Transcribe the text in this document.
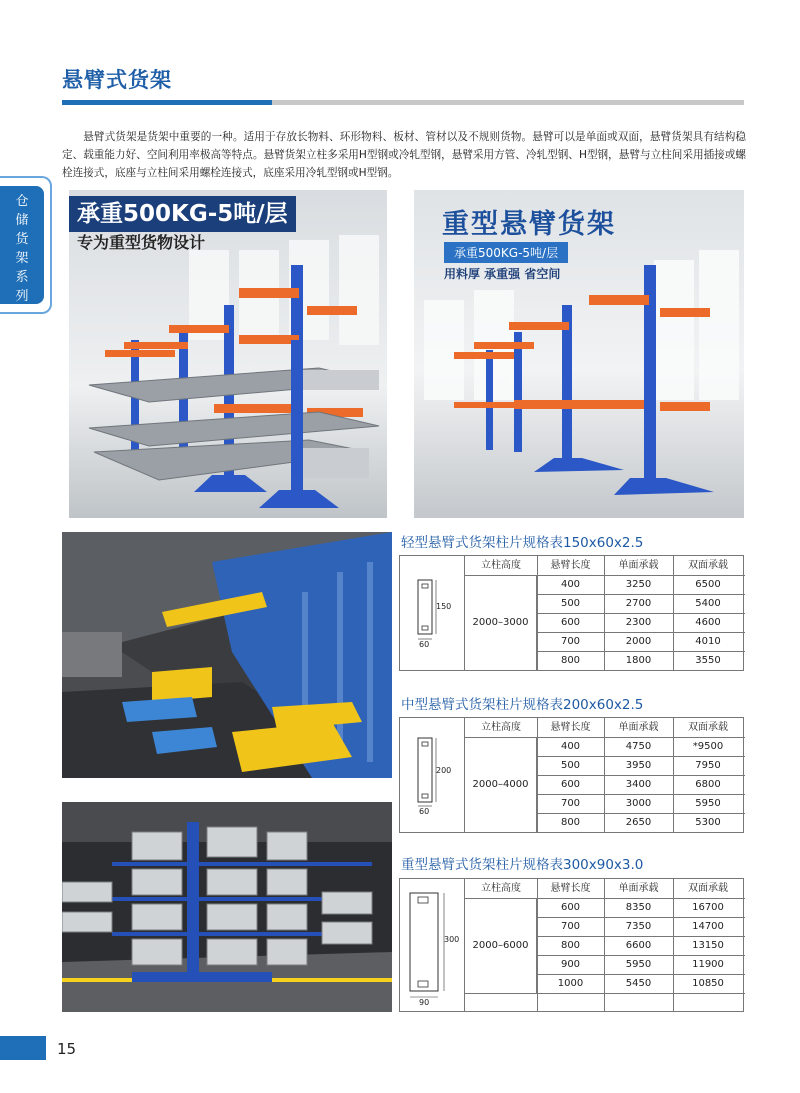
悬臂式货架

悬臂式货架是货架中重要的一种。适用于存放长物料、环形物料、板材、管材以及不规则货物。悬臂可以是单面或双面，悬臂货架具有结构稳定、载重能力好、空间利用率极高等特点。悬臂货架立柱多采用H型钢或冷轧型钢，悬臂采用方管、冷轧型钢、H型钢，悬臂与立柱间采用插接或螺栓连接式，底座与立柱间采用螺栓连接式，底座采用冷轧型钢或H型钢。

仓储货架系列
承重500KG-5吨/层
专为重型货物设计
重型悬臂货架
承重500KG-5吨/层
用料厚 承重强 省空间
轻型悬臂式货架柱片规格表150x60x2.5
150
60
2000–3000
立柱高度	悬臂长度	单面承载	双面承载
400	3250	6500
500	2700	5400
600	2300	4600
700	2000	4010
800	1800	3550
中型悬臂式货架柱片规格表200x60x2.5
200
60
2000–4000
立柱高度	悬臂长度	单面承载	双面承载
400	4750	*9500
500	3950	7950
600	3400	6800
700	3000	5950
800	2650	5300
重型悬臂式货架柱片规格表300x90x3.0
300
90
2000–6000
立柱高度	悬臂长度	单面承载	双面承载
600	8350	16700
700	7350	14700
800	6600	13150
900	5950	11900
1000	5450	10850
15
